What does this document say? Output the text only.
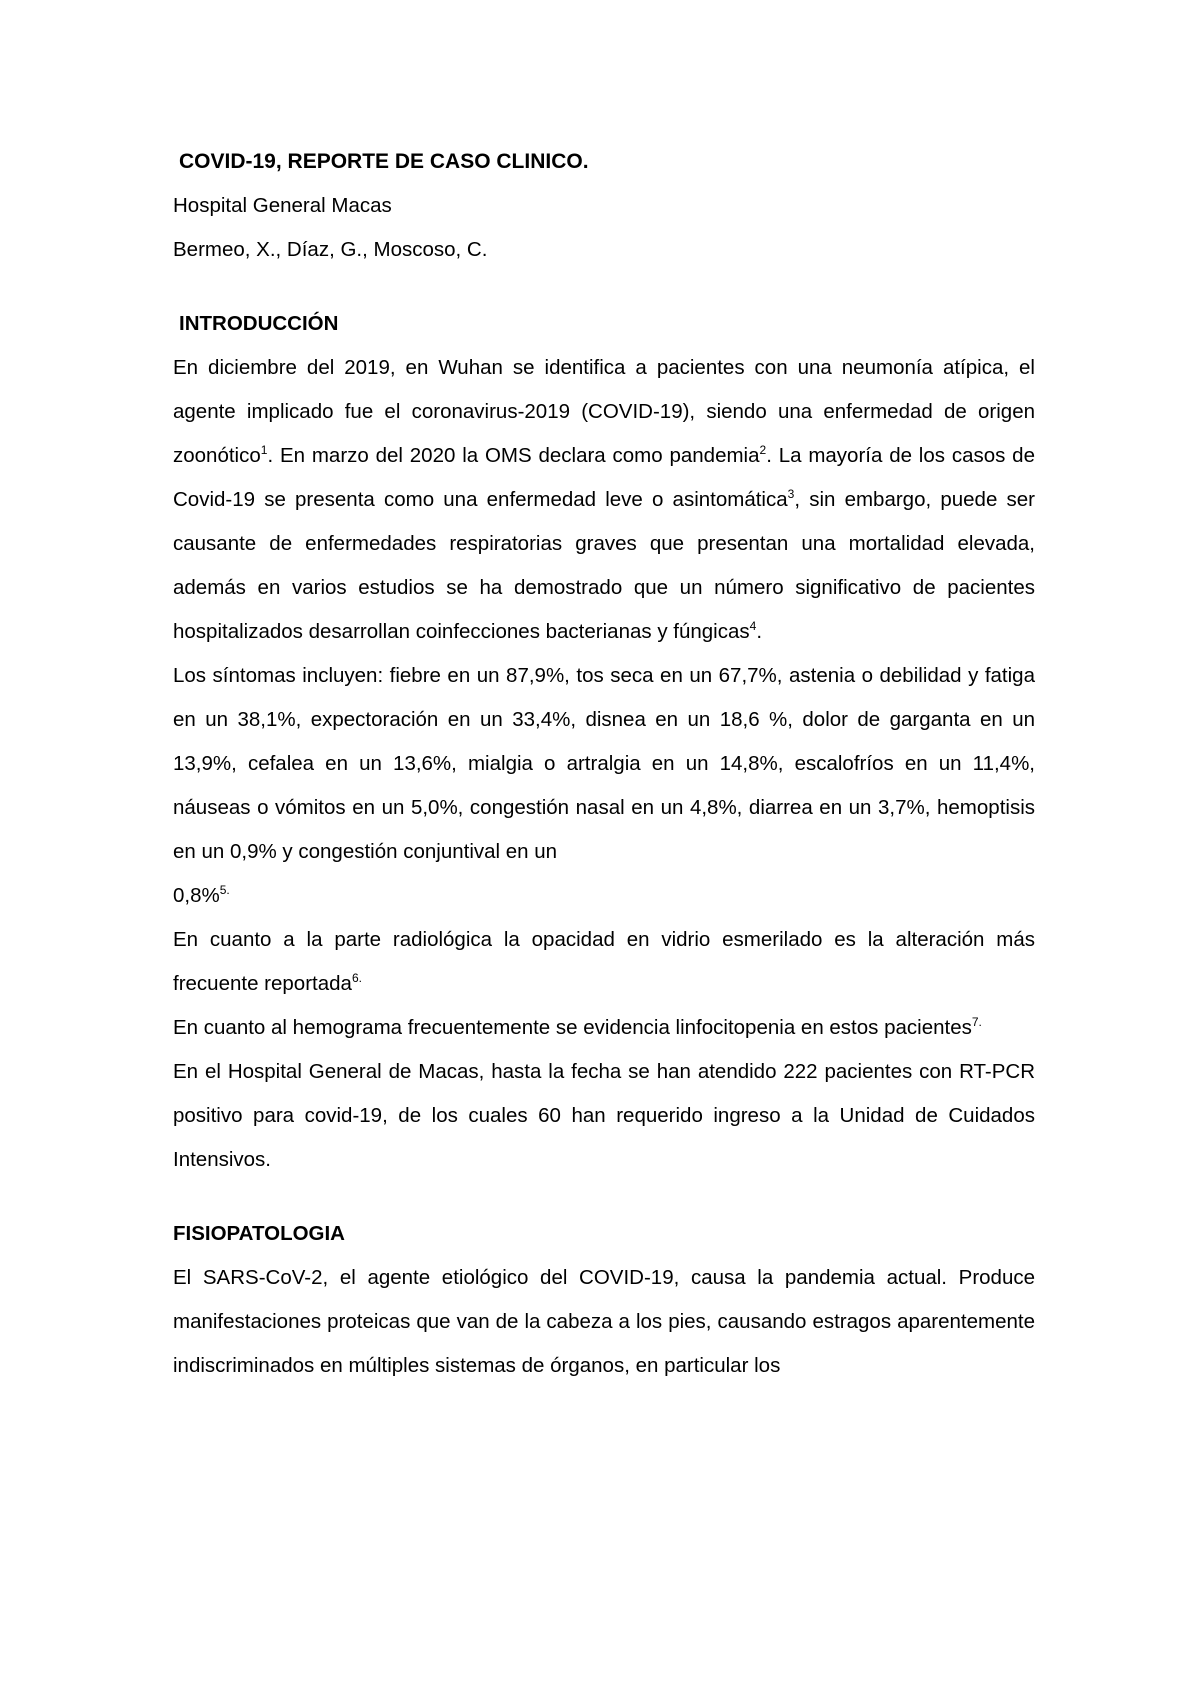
COVID-19, REPORTE DE CASO CLINICO.

Hospital General Macas

Bermeo, X., Díaz, G., Moscoso, C.

INTRODUCCIÓN

En diciembre del 2019, en Wuhan se identifica a pacientes con una neumonía atípica, el agente implicado fue el coronavirus-2019 (COVID-19), siendo una enfermedad de origen zoonótico$^1$. En marzo del 2020 la OMS declara como pandemia$^2$. La mayoría de los casos de Covid-19 se presenta como una enfermedad leve o asintomática$^3$, sin embargo, puede ser causante de enfermedades respiratorias graves que presentan una mortalidad elevada, además en varios estudios se ha demostrado que un número significativo de pacientes hospitalizados desarrollan coinfecciones bacterianas y fúngicas$^4$.

Los síntomas incluyen: fiebre en un 87,9%, tos seca en un 67,7%, astenia o debilidad y fatiga en un 38,1%, expectoración en un 33,4%, disnea en un 18,6 %, dolor de garganta en un 13,9%, cefalea en un 13,6%, mialgia o artralgia en un 14,8%, escalofríos en un 11,4%, náuseas o vómitos en un 5,0%, congestión nasal en un 4,8%, diarrea en un 3,7%, hemoptisis en un 0,9% y congestión conjuntival en un

0,8%$^{5.}$

En cuanto a la parte radiológica la opacidad en vidrio esmerilado es la alteración más frecuente reportada$^{6.}$

En cuanto al hemograma frecuentemente se evidencia linfocitopenia en estos pacientes$^{7.}$

En el Hospital General de Macas, hasta la fecha se han atendido 222 pacientes con RT-PCR positivo para covid-19, de los cuales 60 han requerido ingreso a la Unidad de Cuidados Intensivos.

FISIOPATOLOGIA

El SARS-CoV-2, el agente etiológico del COVID-19, causa la pandemia actual. Produce manifestaciones proteicas que van de la cabeza a los pies, causando estragos aparentemente indiscriminados en múltiples sistemas de órganos, en particular los
